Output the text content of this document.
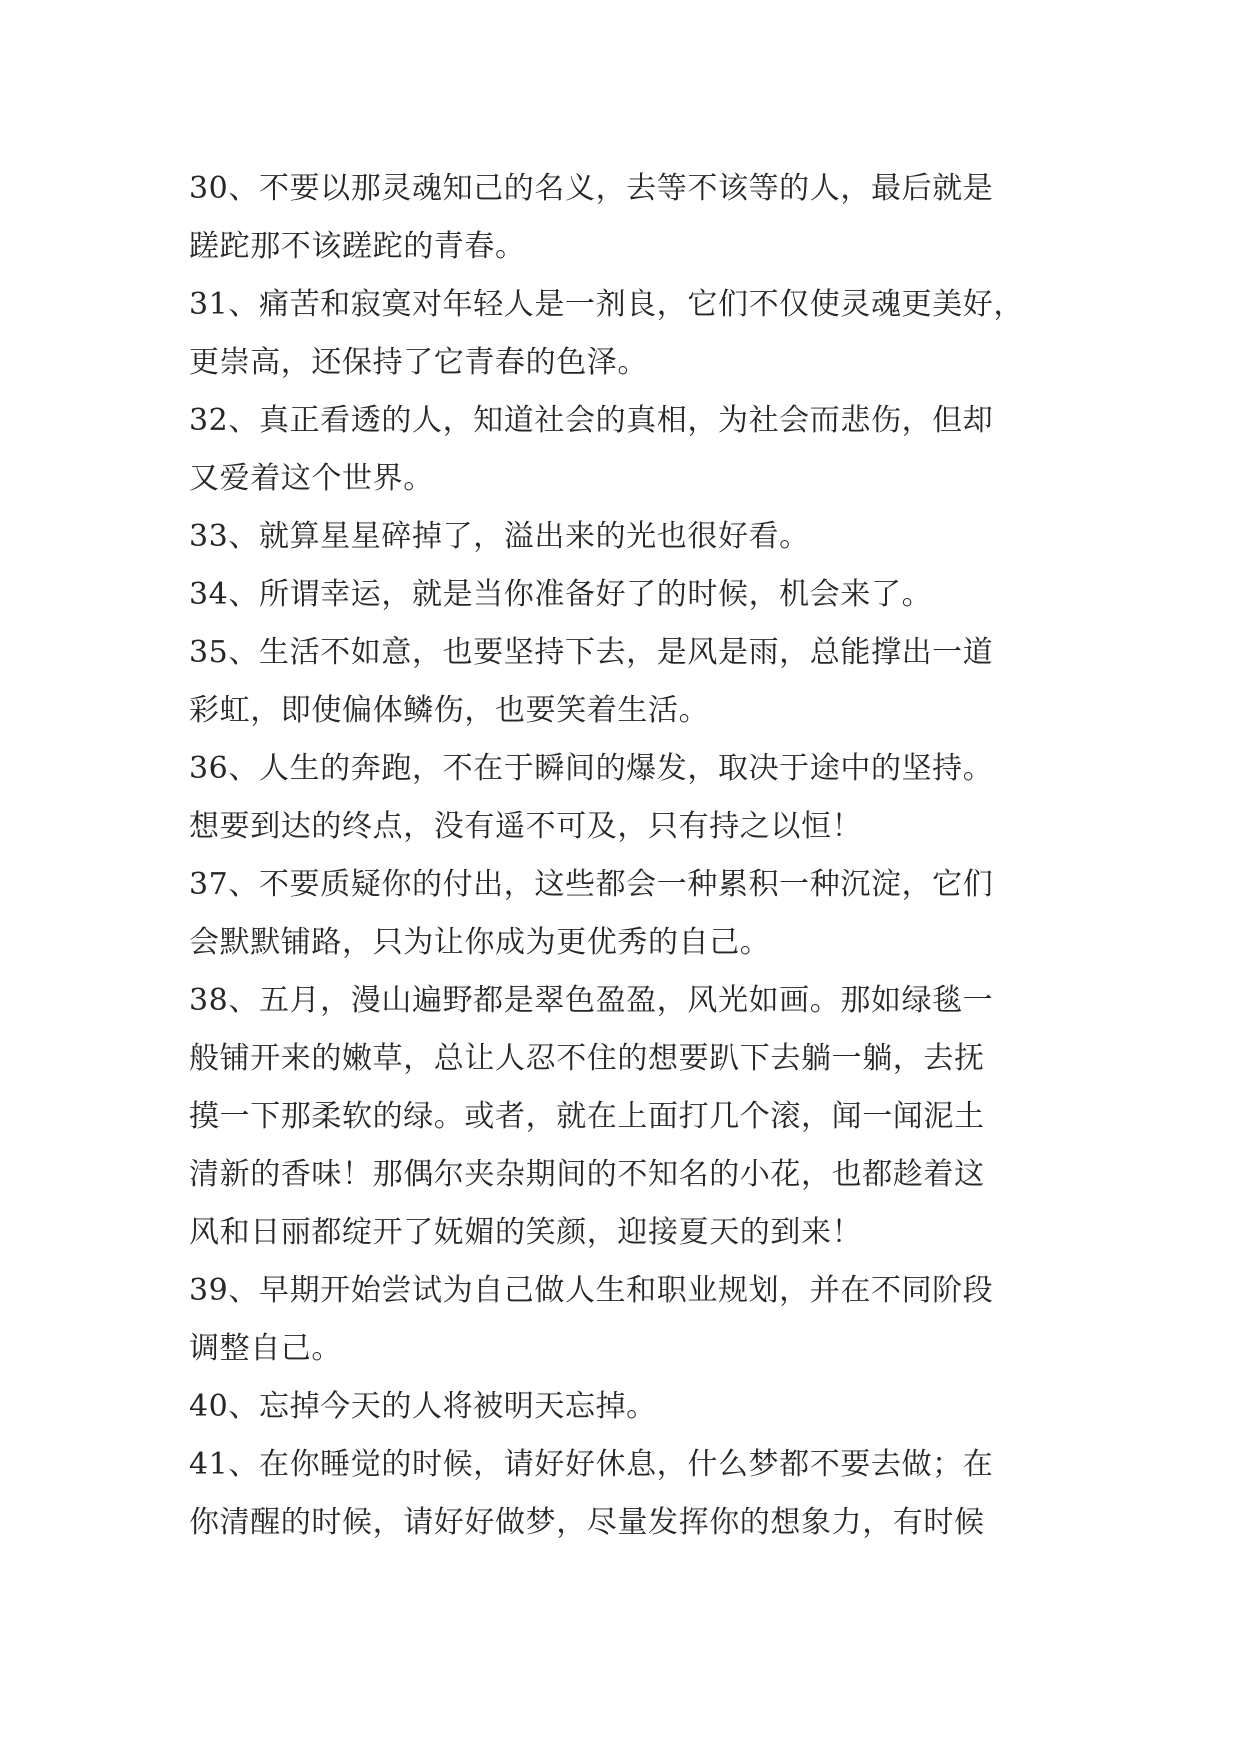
30、不要以那灵魂知己的名义，去等不该等的人，最后就是
蹉跎那不该蹉跎的青春。
31、痛苦和寂寞对年轻人是一剂良，它们不仅使灵魂更美好，
更崇高，还保持了它青春的色泽。
32、真正看透的人，知道社会的真相，为社会而悲伤，但却
又爱着这个世界。
33、就算星星碎掉了，溢出来的光也很好看。
34、所谓幸运，就是当你准备好了的时候，机会来了。
35、生活不如意，也要坚持下去，是风是雨，总能撑出一道
彩虹，即使偏体鳞伤，也要笑着生活。
36、人生的奔跑，不在于瞬间的爆发，取决于途中的坚持。
想要到达的终点，没有遥不可及，只有持之以恒！
37、不要质疑你的付出，这些都会一种累积一种沉淀，它们
会默默铺路，只为让你成为更优秀的自己。
38、五月，漫山遍野都是翠色盈盈，风光如画。那如绿毯一
般铺开来的嫩草，总让人忍不住的想要趴下去躺一躺，去抚
摸一下那柔软的绿。或者，就在上面打几个滚，闻一闻泥土
清新的香味！那偶尔夹杂期间的不知名的小花，也都趁着这
风和日丽都绽开了妩媚的笑颜，迎接夏天的到来！
39、早期开始尝试为自己做人生和职业规划，并在不同阶段
调整自己。
40、忘掉今天的人将被明天忘掉。
41、在你睡觉的时候，请好好休息，什么梦都不要去做；在
你清醒的时候，请好好做梦，尽量发挥你的想象力，有时候
